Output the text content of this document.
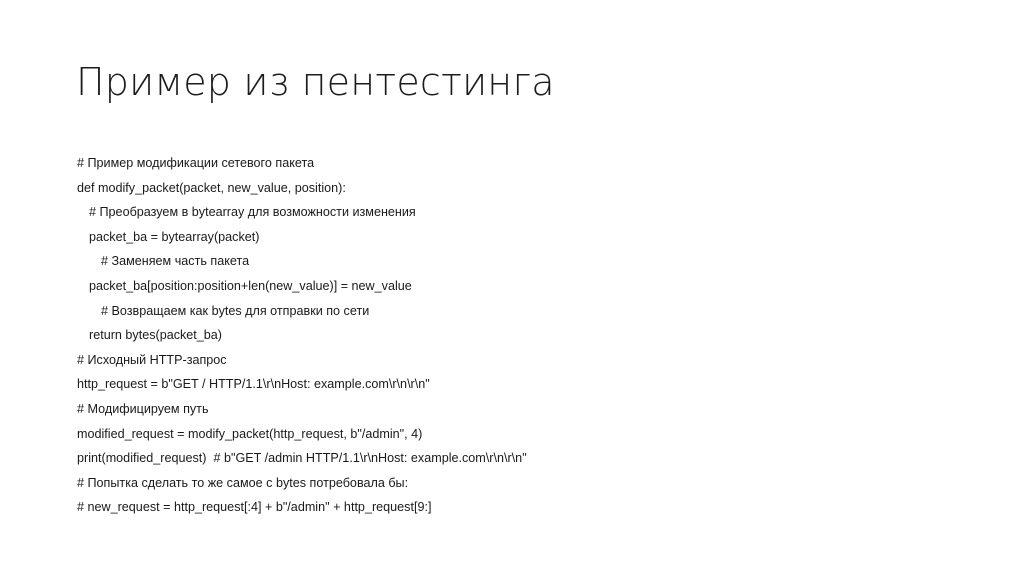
Пример из пентестинга
# Пример модификации сетевого пакета
def modify_packet(packet, new_value, position):
# Преобразуем в bytearray для возможности изменения
packet_ba = bytearray(packet)
# Заменяем часть пакета
packet_ba[position:position+len(new_value)] = new_value
# Возвращаем как bytes для отправки по сети
return bytes(packet_ba)
# Исходный HTTP-запрос
http_request = b"GET / HTTP/1.1\r\nHost: example.com\r\n\r\n"
# Модифицируем путь
modified_request = modify_packet(http_request, b"/admin", 4)
print(modified_request)  # b"GET /admin HTTP/1.1\r\nHost: example.com\r\n\r\n"
# Попытка сделать то же самое с bytes потребовала бы:
# new_request = http_request[:4] + b"/admin" + http_request[9:]
